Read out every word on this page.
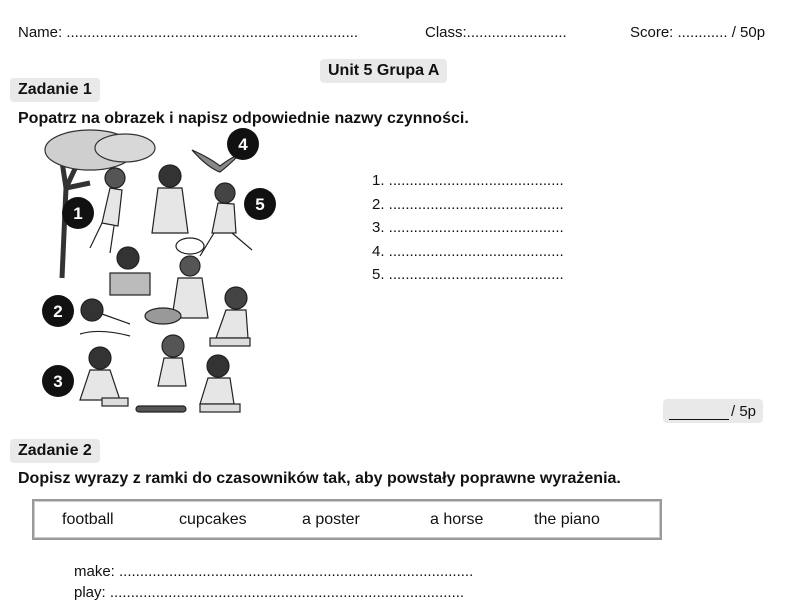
Name: ......................................................................	Class:........................	Score: ............ / 50p
Unit 5 Grupa A
Zadanie 1
Popatrz na obrazek i napisz odpowiednie nazwy czynności.
1
2
3
4
5
1. ..........................................
2. ..........................................
3. ..........................................
4. ..........................................
5. ..........................................
/ 5p
Zadanie 2
Dopisz wyrazy z ramki do czasowników tak, aby powstały poprawne wyrażenia.
football	cupcakes	a poster	a horse	the piano
make: .....................................................................................
play: .....................................................................................
